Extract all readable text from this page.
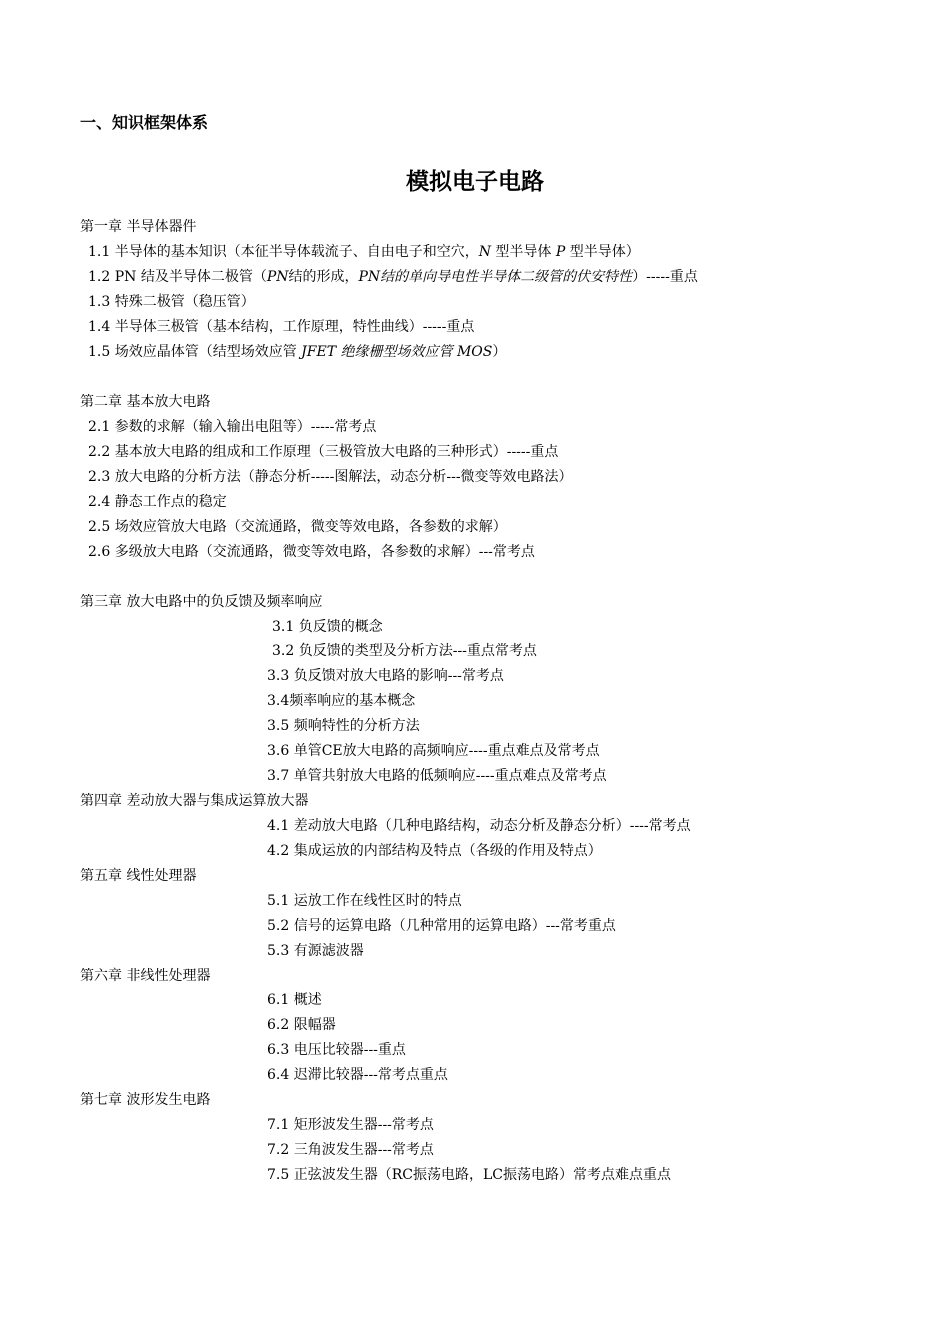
一、知识框架体系
模拟电子电路
第一章 半导体器件
1.1 半导体的基本知识（本征半导体载流子、自由电子和空穴，N 型半导体 P 型半导体）
1.2 PN 结及半导体二极管（PN结的形成，PN结的单向导电性半导体二级管的伏安特性）-----重点
1.3 特殊二极管（稳压管）
1.4 半导体三极管（基本结构，工作原理，特性曲线）-----重点
1.5 场效应晶体管（结型场效应管 JFET 绝缘栅型场效应管 MOS）
第二章 基本放大电路
2.1 参数的求解（输入输出电阻等）-----常考点
2.2 基本放大电路的组成和工作原理（三极管放大电路的三种形式）-----重点
2.3 放大电路的分析方法（静态分析-----图解法，动态分析---微变等效电路法）
2.4 静态工作点的稳定
2.5 场效应管放大电路（交流通路，微变等效电路，各参数的求解）
2.6 多级放大电路（交流通路，微变等效电路，各参数的求解）---常考点
第三章 放大电路中的负反馈及频率响应
3.1 负反馈的概念
3.2 负反馈的类型及分析方法---重点常考点
3.3 负反馈对放大电路的影响---常考点
3.4频率响应的基本概念
3.5 频响特性的分析方法
3.6 单管CE放大电路的高频响应----重点难点及常考点
3.7 单管共射放大电路的低频响应----重点难点及常考点
第四章 差动放大器与集成运算放大器
4.1 差动放大电路（几种电路结构，动态分析及静态分析）----常考点
4.2 集成运放的内部结构及特点（各级的作用及特点）
第五章 线性处理器
5.1 运放工作在线性区时的特点
5.2 信号的运算电路（几种常用的运算电路）---常考重点
5.3 有源滤波器
第六章 非线性处理器
6.1 概述
6.2 限幅器
6.3 电压比较器---重点
6.4 迟滞比较器---常考点重点
第七章 波形发生电路
7.1 矩形波发生器---常考点
7.2 三角波发生器---常考点
7.5 正弦波发生器（RC振荡电路，LC振荡电路）常考点难点重点
